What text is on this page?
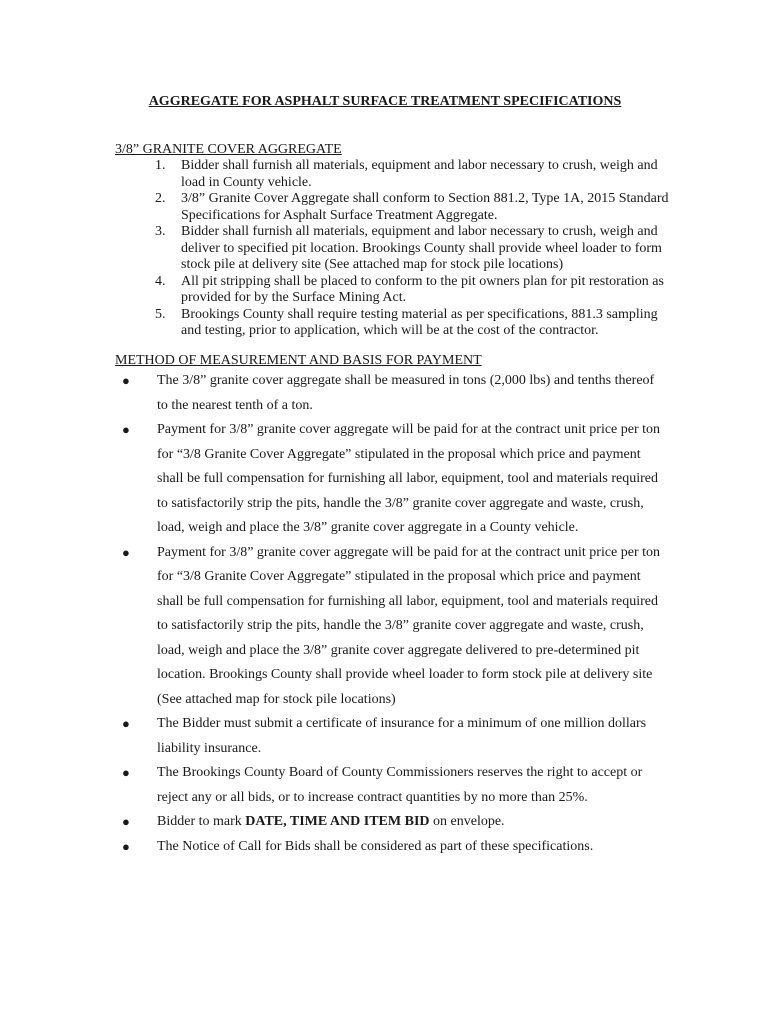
AGGREGATE FOR ASPHALT SURFACE TREATMENT SPECIFICATIONS
3/8” GRANITE COVER AGGREGATE
1. Bidder shall furnish all materials, equipment and labor necessary to crush, weigh and load in County vehicle.
2. 3/8” Granite Cover Aggregate shall conform to Section 881.2, Type 1A, 2015 Standard Specifications for Asphalt Surface Treatment Aggregate.
3. Bidder shall furnish all materials, equipment and labor necessary to crush, weigh and deliver to specified pit location. Brookings County shall provide wheel loader to form stock pile at delivery site (See attached map for stock pile locations)
4. All pit stripping shall be placed to conform to the pit owners plan for pit restoration as provided for by the Surface Mining Act.
5. Brookings County shall require testing material as per specifications, 881.3 sampling and testing, prior to application, which will be at the cost of the contractor.
METHOD OF MEASUREMENT AND BASIS FOR PAYMENT
● The 3/8” granite cover aggregate shall be measured in tons (2,000 lbs) and tenths thereof to the nearest tenth of a ton.
● Payment for 3/8” granite cover aggregate will be paid for at the contract unit price per ton for “3/8 Granite Cover Aggregate” stipulated in the proposal which price and payment shall be full compensation for furnishing all labor, equipment, tool and materials required to satisfactorily strip the pits, handle the 3/8” granite cover aggregate and waste, crush, load, weigh and place the 3/8” granite cover aggregate in a County vehicle.
● Payment for 3/8” granite cover aggregate will be paid for at the contract unit price per ton for “3/8 Granite Cover Aggregate” stipulated in the proposal which price and payment shall be full compensation for furnishing all labor, equipment, tool and materials required to satisfactorily strip the pits, handle the 3/8” granite cover aggregate and waste, crush, load, weigh and place the 3/8” granite cover aggregate delivered to pre-determined pit location. Brookings County shall provide wheel loader to form stock pile at delivery site (See attached map for stock pile locations)
● The Bidder must submit a certificate of insurance for a minimum of one million dollars liability insurance.
● The Brookings County Board of County Commissioners reserves the right to accept or reject any or all bids, or to increase contract quantities by no more than 25%.
● Bidder to mark DATE, TIME AND ITEM BID on envelope.
● The Notice of Call for Bids shall be considered as part of these specifications.
